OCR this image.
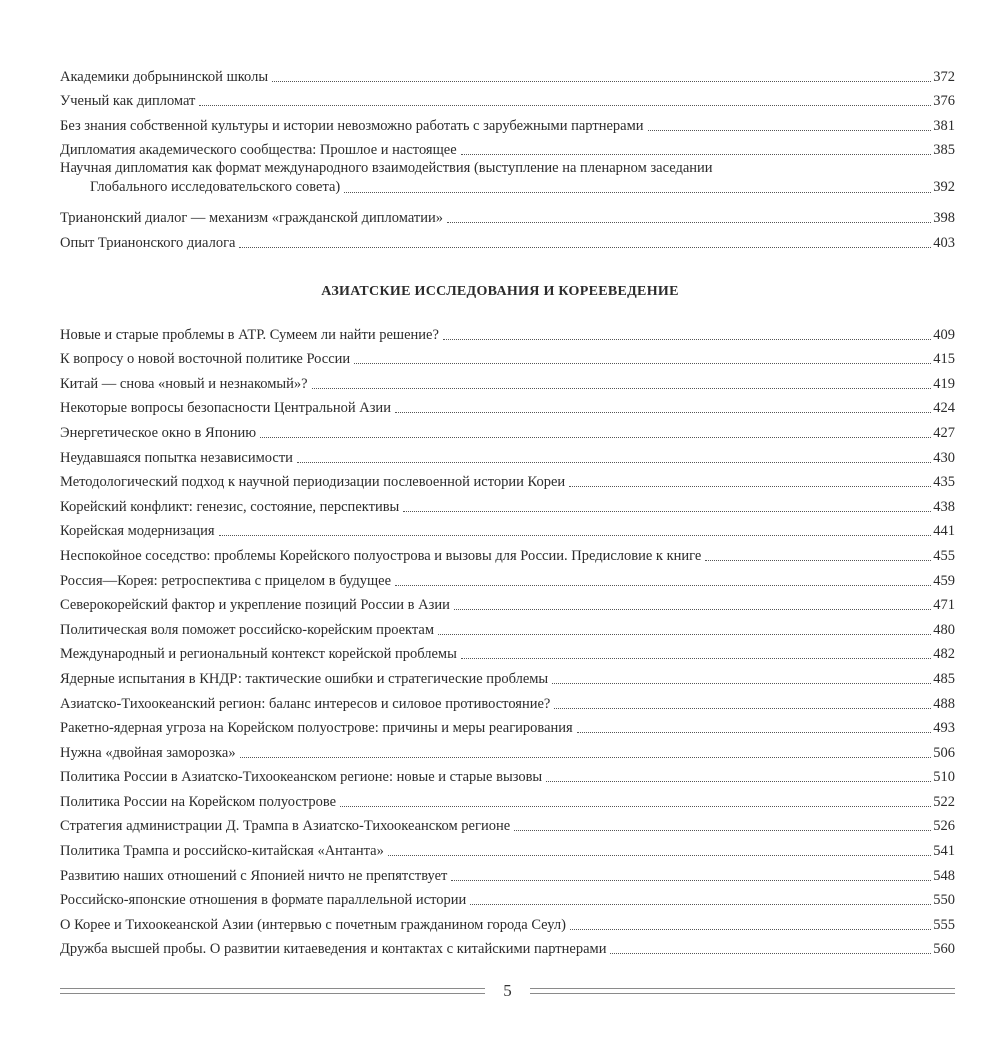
Академики добрынинской школы	372
Ученый как дипломат	376
Без знания собственной культуры и истории невозможно работать с зарубежными партнерами	381
Дипломатия академического сообщества: Прошлое и настоящее	385
Научная дипломатия как формат международного взаимодействия (выступление на пленарном заседании
Глобального исследовательского совета)	392
Трианонский диалог — механизм «гражданской дипломатии»	398
Опыт Трианонского диалога	403
АЗИАТСКИЕ ИССЛЕДОВАНИЯ И КОРЕЕВЕДЕНИЕ
Новые и старые проблемы в АТР. Сумеем ли найти решение?	409
К вопросу о новой восточной политике России	415
Китай — снова «новый и незнакомый»?	419
Некоторые вопросы безопасности Центральной Азии	424
Энергетическое окно в Японию	427
Неудавшаяся попытка независимости	430
Методологический подход к научной периодизации послевоенной истории Кореи	435
Корейский конфликт: генезис, состояние, перспективы	438
Корейская модернизация	441
Неспокойное соседство: проблемы Корейского полуострова и вызовы для России. Предисловие к книге	455
Россия—Корея: ретроспектива с прицелом в будущее	459
Северокорейский фактор и укрепление позиций России в Азии	471
Политическая воля поможет российско-корейским проектам	480
Международный и региональный контекст корейской проблемы	482
Ядерные испытания в КНДР: тактические ошибки и стратегические проблемы	485
Азиатско-Тихоокеанский регион: баланс интересов и силовое противостояние?	488
Ракетно-ядерная угроза на Корейском полуострове: причины и меры реагирования	493
Нужна «двойная заморозка»	506
Политика России в Азиатско-Тихоокеанском регионе: новые и старые вызовы	510
Политика России на Корейском полуострове	522
Стратегия администрации Д. Трампа в Азиатско-Тихоокеанском регионе	526
Политика Трампа и российско-китайская «Антанта»	541
Развитию наших отношений с Японией ничто не препятствует	548
Российско-японские отношения в формате параллельной истории	550
О Корее и Тихоокеанской Азии (интервью с почетным гражданином города Сеул)	555
Дружба высшей пробы. О развитии китаеведения и контактах с китайскими партнерами	560
5
